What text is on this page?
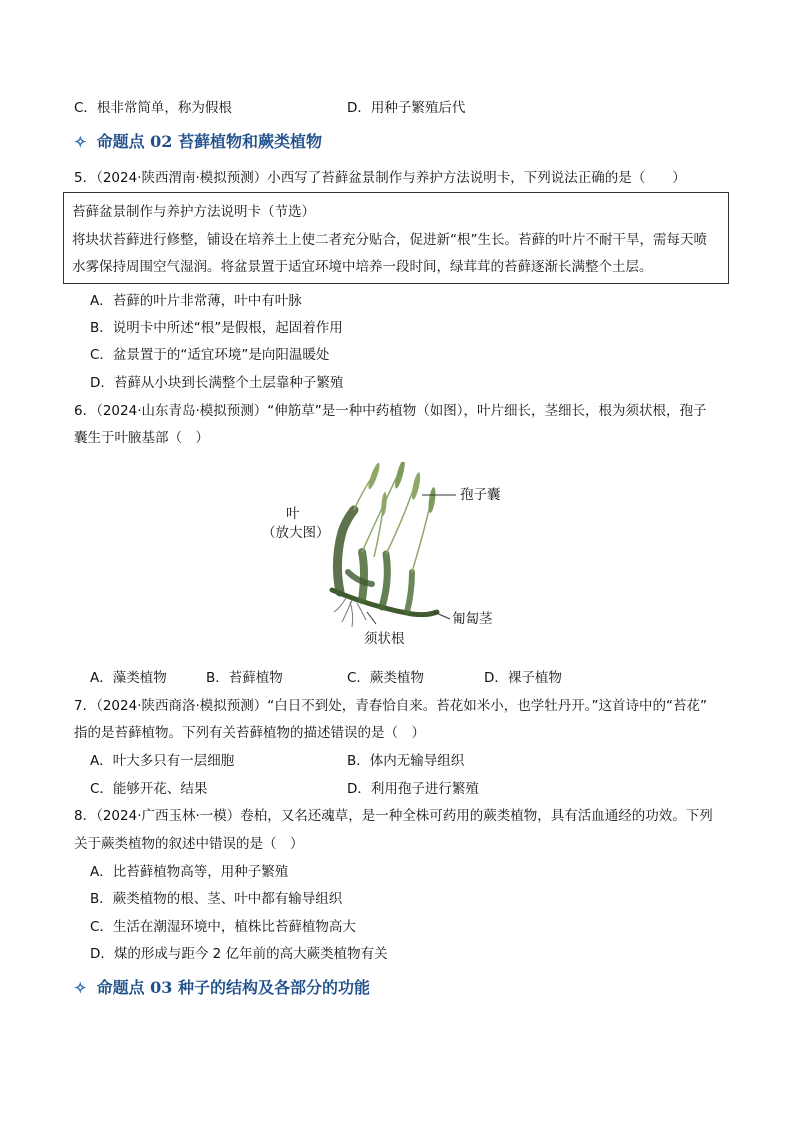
C．根非常简单，称为假根	D．用种子繁殖后代
✧ 命题点 02 苔藓植物和蕨类植物
5．（2024·陕西渭南·模拟预测）小西写了苔藓盆景制作与养护方法说明卡，下列说法正确的是（　　）
苔藓盆景制作与养护方法说明卡（节选）
将块状苔藓进行修整，铺设在培养土上使二者充分贴合，促进新“根”生长。苔藓的叶片不耐干旱，需每天喷
水雾保持周围空气湿润。将盆景置于适宜环境中培养一段时间，绿茸茸的苔藓逐渐长满整个土层。
A．苔藓的叶片非常薄，叶中有叶脉
B．说明卡中所述“根”是假根，起固着作用
C．盆景置于的“适宜环境”是向阳温暖处
D．苔藓从小块到长满整个土层靠种子繁殖
6．（2024·山东青岛·模拟预测）“伸筋草”是一种中药植物（如图），叶片细长，茎细长，根为须状根，孢子
囊生于叶腋基部（　）
叶
（放大图）
孢子囊
匍匐茎
须状根
A．藻类植物	B．苔藓植物	C．蕨类植物	D．裸子植物
7．（2024·陕西商洛·模拟预测）“白日不到处，青春恰自来。苔花如米小，也学牡丹开。”这首诗中的“苔花”
指的是苔藓植物。下列有关苔藓植物的描述错误的是（　）
A．叶大多只有一层细胞	B．体内无输导组织
C．能够开花、结果	D．利用孢子进行繁殖
8．（2024·广西玉林·一模）卷柏，又名还魂草，是一种全株可药用的蕨类植物，具有活血通经的功效。下列
关于蕨类植物的叙述中错误的是（　）
A．比苔藓植物高等，用种子繁殖
B．蕨类植物的根、茎、叶中都有输导组织
C．生活在潮湿环境中，植株比苔藓植物高大
D．煤的形成与距今 2 亿年前的高大蕨类植物有关
✧ 命题点 03 种子的结构及各部分的功能
